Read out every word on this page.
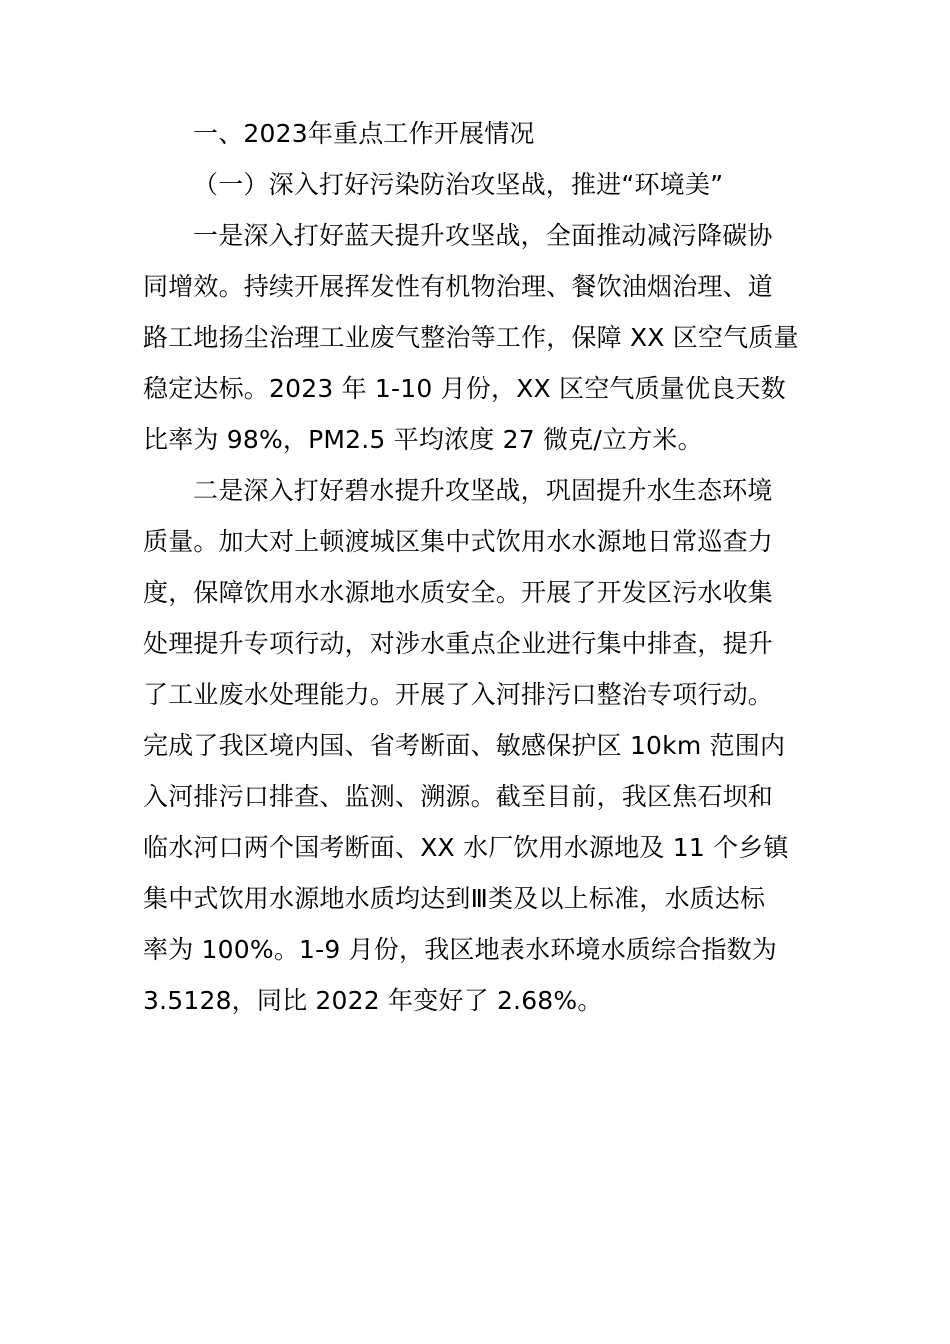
一、2023年重点工作开展情况
（一）深入打好污染防治攻坚战，推进“环境美”
一是深入打好蓝天提升攻坚战，全面推动减污降碳协
同增效。持续开展挥发性有机物治理、餐饮油烟治理、道
路工地扬尘治理工业废气整治等工作，保障 XX 区空气质量
稳定达标。2023 年 1-10 月份，XX 区空气质量优良天数
比率为 98%，PM2.5 平均浓度 27 微克/立方米。
二是深入打好碧水提升攻坚战，巩固提升水生态环境
质量。加大对上顿渡城区集中式饮用水水源地日常巡查力
度，保障饮用水水源地水质安全。开展了开发区污水收集
处理提升专项行动，对涉水重点企业进行集中排查，提升
了工业废水处理能力。开展了入河排污口整治专项行动。
完成了我区境内国、省考断面、敏感保护区 10km 范围内
入河排污口排查、监测、溯源。截至目前，我区焦石坝和
临水河口两个国考断面、XX 水厂饮用水源地及 11 个乡镇
集中式饮用水源地水质均达到Ⅲ类及以上标准，水质达标
率为 100%。1-9 月份，我区地表水环境水质综合指数为
3.5128，同比 2022 年变好了 2.68%。
